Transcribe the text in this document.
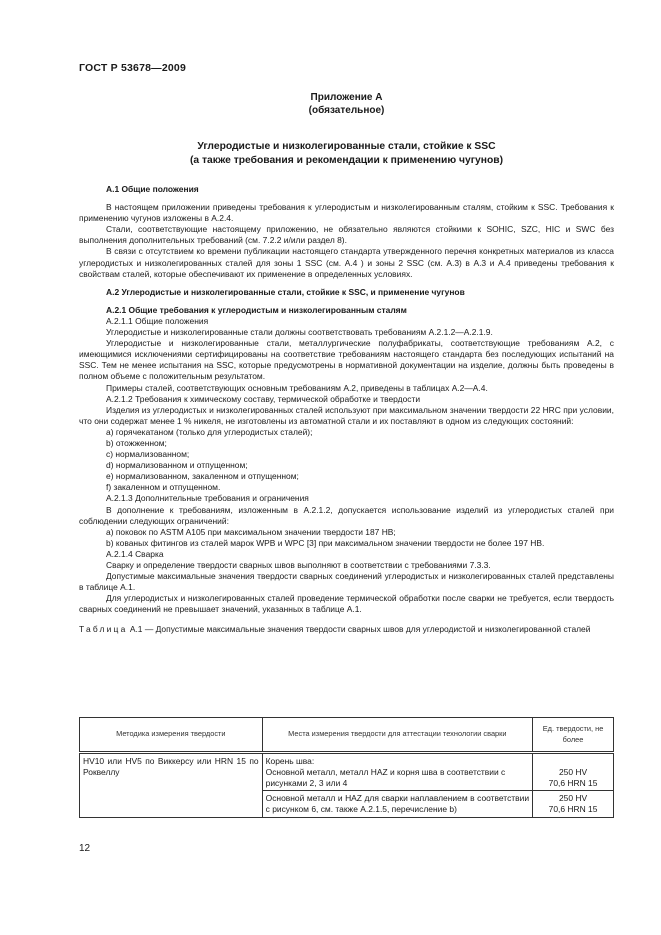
ГОСТ Р 53678—2009
Приложение А
(обязательное)
Углеродистые и низколегированные стали, стойкие к SSC
(а также требования и рекомендации к применению чугунов)

А.1 Общие положения

В настоящем приложении приведены требования к углеродистым и низколегированным сталям, стойким к SSC. Требования к применению чугунов изложены в А.2.4.

Стали, соответствующие настоящему приложению, не обязательно являются стойкими к SOHIC, SZC, HIC и SWC без выполнения дополнительных требований (см. 7.2.2 и/или раздел 8).

В связи с отсутствием ко времени публикации настоящего стандарта утвержденного перечня конкретных материалов из класса углеродистых и низколегированных сталей для зоны 1 SSC (см. А.4 ) и зоны 2 SSC (см. А.3) в А.3 и А.4 приведены требования к свойствам сталей, которые обеспечивают их применение в определенных условиях.

А.2 Углеродистые и низколегированные стали, стойкие к SSC, и применение чугунов

А.2.1 Общие требования к углеродистым и низколегированным сталям

А.2.1.1 Общие положения

Углеродистые и низколегированные стали должны соответствовать требованиям А.2.1.2—А.2.1.9.

Углеродистые и низколегированные стали, металлургические полуфабрикаты, соответствующие требованиям А.2, с имеющимися исключениями сертифицированы на соответствие требованиям настоящего стандарта без последующих испытаний на SSC. Тем не менее испытания на SSC, которые предусмотрены в нормативной документации на изделие, должны быть проведены в полном объеме с положительным результатом.

Примеры сталей, соответствующих основным требованиям А.2, приведены в таблицах А.2—А.4.

А.2.1.2 Требования к химическому составу, термической обработке и твердости

Изделия из углеродистых и низколегированных сталей используют при максимальном значении твердости 22 HRC при условии, что они содержат менее 1 % никеля, не изготовлены из автоматной стали и их поставляют в одном из следующих состояний:

a) горячекатаном (только для углеродистых сталей);

b) отожженном;

c) нормализованном;

d) нормализованном и отпущенном;

e) нормализованном, закаленном и отпущенном;

f) закаленном и отпущенном.

А.2.1.3 Дополнительные требования и ограничения

В дополнение к требованиям, изложенным в А.2.1.2, допускается использование изделий из углеродистых сталей при соблюдении следующих ограничений:

a) поковок по ASTM A105 при максимальном значении твердости 187 HB;

b) кованых фитингов из сталей марок WPB и WPC [3] при максимальном значении твердости не более 197 HB.

А.2.1.4 Сварка

Сварку и определение твердости сварных швов выполняют в соответствии с требованиями 7.3.3.

Допустимые максимальные значения твердости сварных соединений углеродистых и низколегированных сталей представлены в таблице А.1.

Для углеродистых и низколегированных сталей проведение термической обработки после сварки не требуется, если твердость сварных соединений не превышает значений, указанных в таблице А.1.

Таблица А.1 — Допустимые максимальные значения твердости сварных швов для углеродистой и низколегированной сталей

Методика измерения твердости	Места измерения твердости для аттестации технологии сварки	Ед. твердости, не более
HV10 или HV5 по Виккерсу или HRN 15 по Роквеллу	Корень шва:
Основной металл, металл HAZ и корня шва в соответствии с рисунками 2, 3 или 4	250 HV
70,6 HRN 15
	Основной металл и HAZ для сварки наплавлением в соответствии с рисунком 6, см. также А.2.1.5, перечисление b)	250 HV
70,6 HRN 15
12
